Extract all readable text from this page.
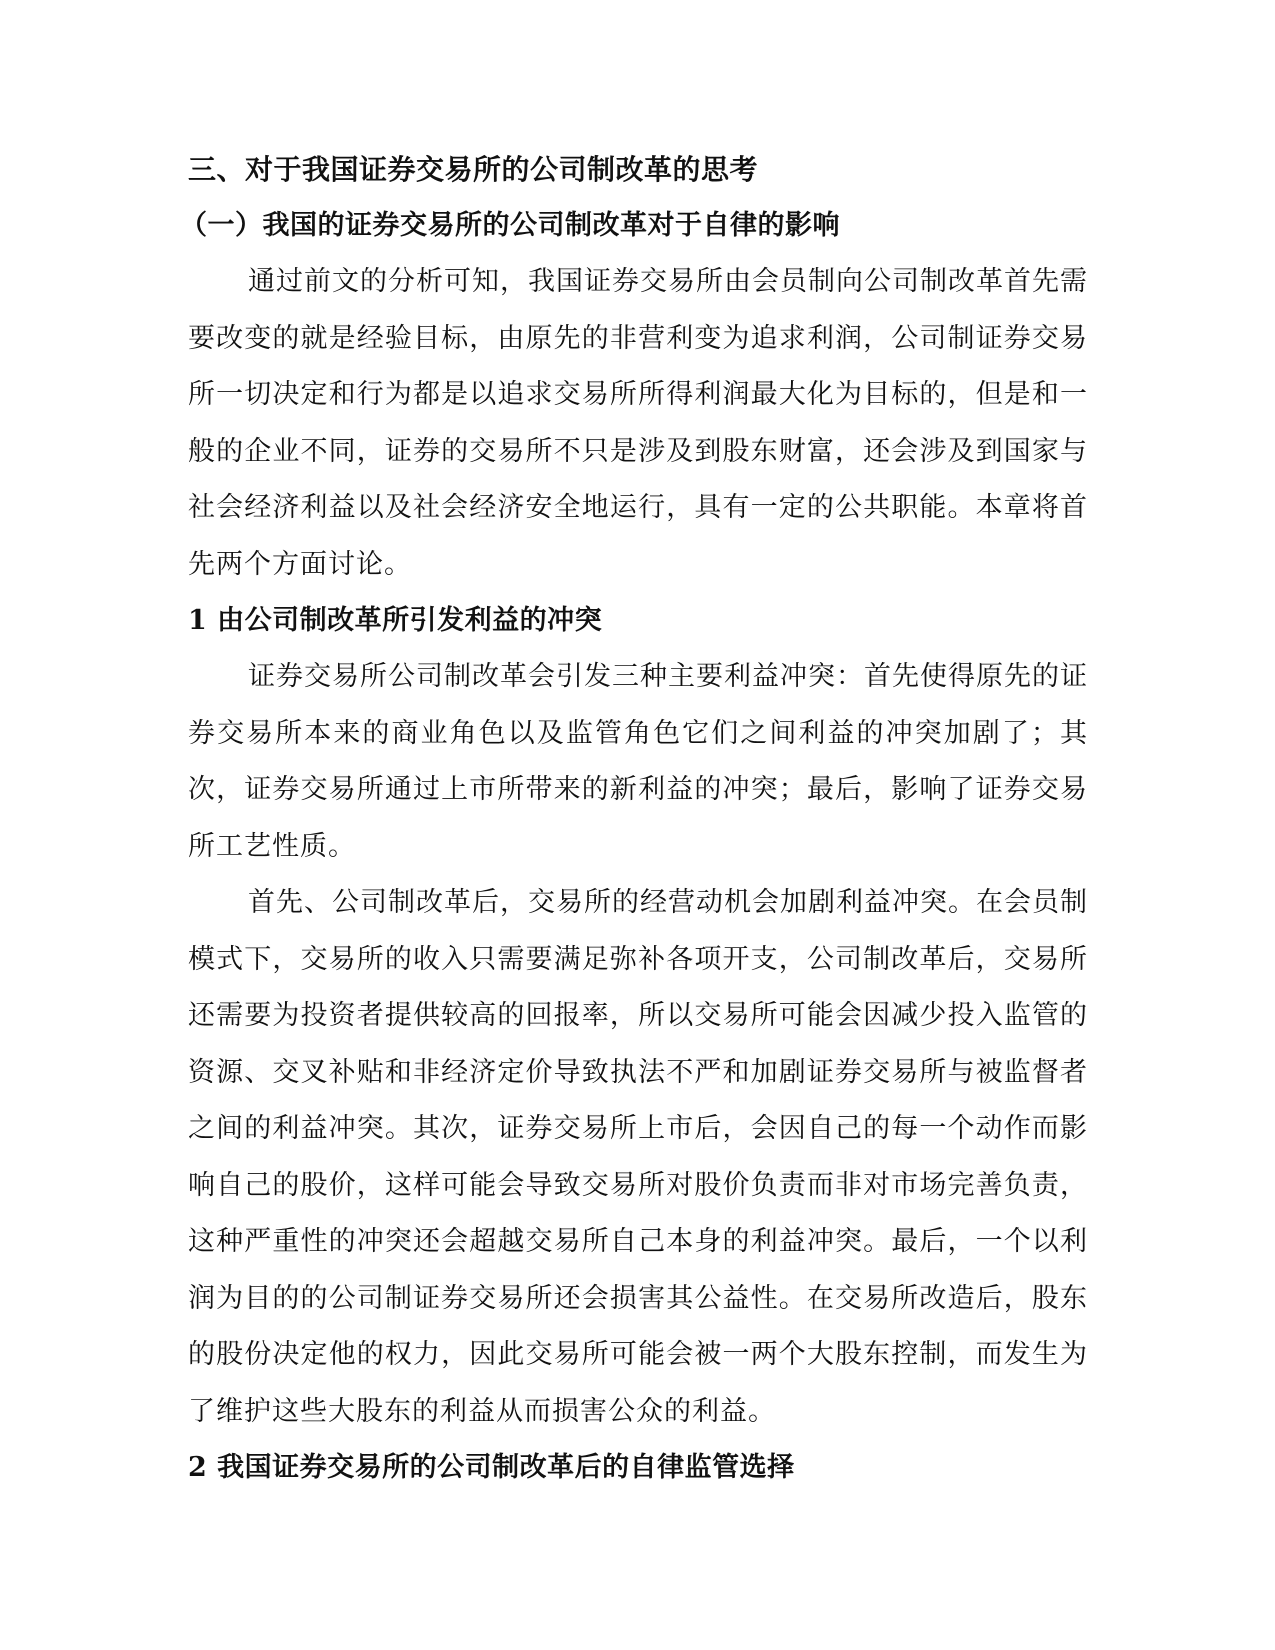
三、对于我国证券交易所的公司制改革的思考
（一）我国的证券交易所的公司制改革对于自律的影响

通过前文的分析可知，我国证券交易所由会员制向公司制改革首先需要改变的就是经验目标，由原先的非营利变为追求利润，公司制证券交易所一切决定和行为都是以追求交易所所得利润最大化为目标的，但是和一般的企业不同，证券的交易所不只是涉及到股东财富，还会涉及到国家与社会经济利益以及社会经济安全地运行，具有一定的公共职能。本章将首先两个方面讨论。

1 由公司制改革所引发利益的冲突

证券交易所公司制改革会引发三种主要利益冲突：首先使得原先的证券交易所本来的商业角色以及监管角色它们之间利益的冲突加剧了；其次，证券交易所通过上市所带来的新利益的冲突；最后，影响了证券交易所工艺性质。

首先、公司制改革后，交易所的经营动机会加剧利益冲突。在会员制模式下，交易所的收入只需要满足弥补各项开支，公司制改革后，交易所还需要为投资者提供较高的回报率，所以交易所可能会因减少投入监管的资源、交叉补贴和非经济定价导致执法不严和加剧证券交易所与被监督者之间的利益冲突。其次，证券交易所上市后，会因自己的每一个动作而影响自己的股价，这样可能会导致交易所对股价负责而非对市场完善负责，这种严重性的冲突还会超越交易所自己本身的利益冲突。最后，一个以利润为目的的公司制证券交易所还会损害其公益性。在交易所改造后，股东的股份决定他的权力，因此交易所可能会被一两个大股东控制，而发生为了维护这些大股东的利益从而损害公众的利益。

2 我国证券交易所的公司制改革后的自律监管选择
